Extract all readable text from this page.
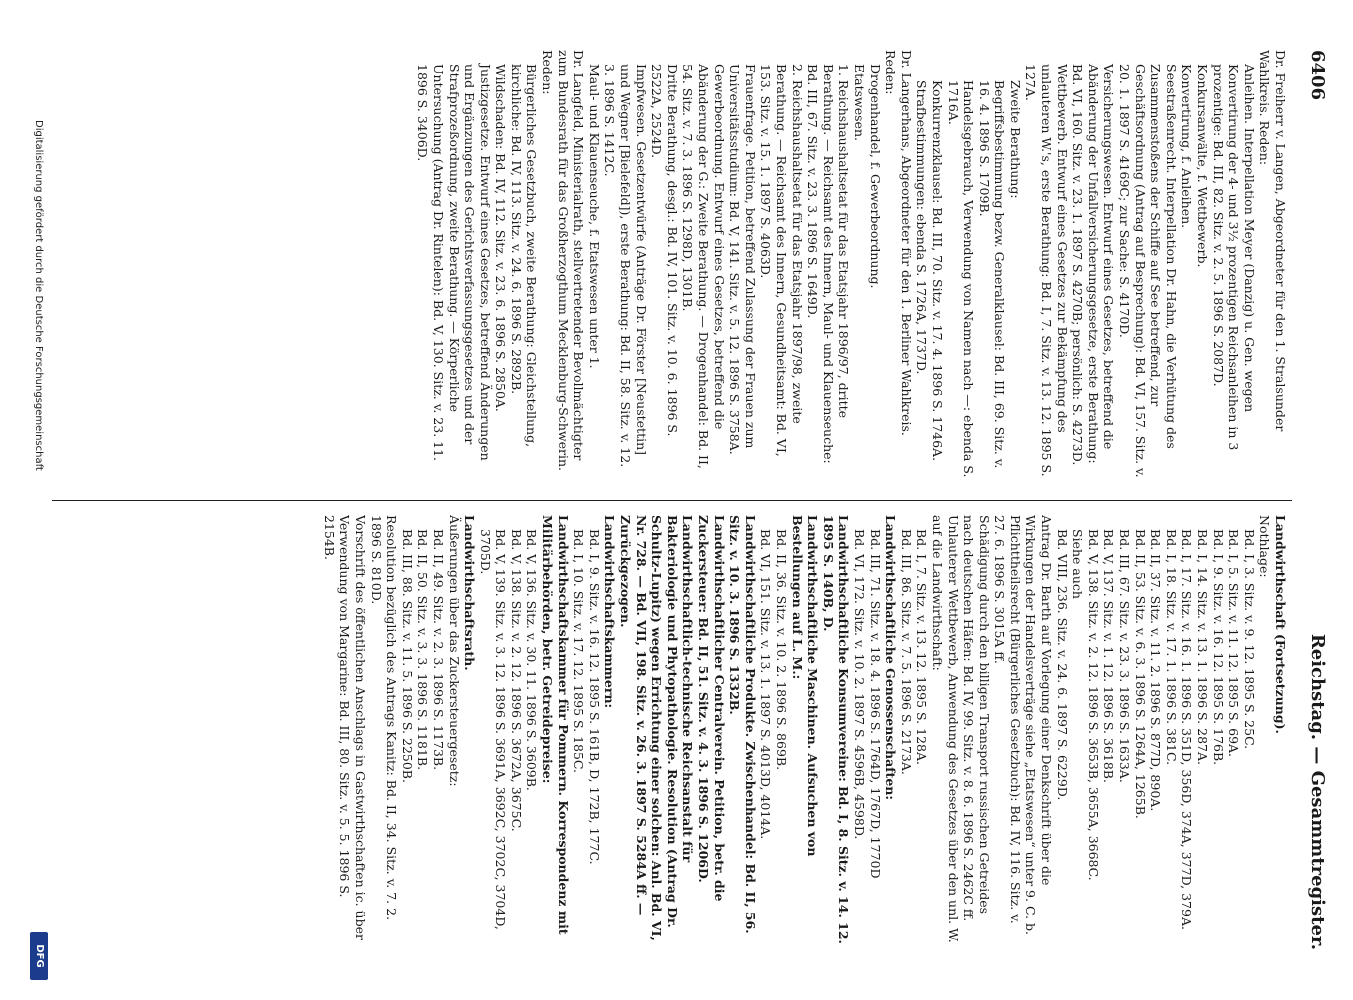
6406
Reichstag. — Gesammtregister.

Dr. Freiherr v. Langen, Abgeordneter für den 1. Stralsunder Wahlkreis. Reden:

Anleihen. Interpellation Meyer (Danzig) u. Gen. wegen Konvertirung der 4- und 3½ prozentigen Reichsanleihen in 3 prozentige: Bd. III, 82. Sitz. v. 2. 5. 1896 S. 2087D.

Konkursanwälte, f. Wettbewerb.

Konvertirung, f. Anleihen.

Seestraßenrecht. Interpellation Dr. Hahn, die Verhütung des Zusammenstoßens der Schiffe auf See betreffend, zur Geschäftsordnung (Antrag auf Besprechung): Bd. VI, 157. Sitz. v. 20. 1. 1897 S. 4169C; zur Sache: S. 4170D.

Versicherungswesen. Entwurf eines Gesetzes, betreffend die Abänderung der Unfallversicherungsgesetze, erste Berathung: Bd. VI, 160. Sitz. v. 23. 1. 1897 S. 4270B; persönlich: S. 4273D.

Wettbewerb. Entwurf eines Gesetzes zur Bekämpfung des unlauteren W.'s, erste Berathung: Bd. I, 7. Sitz. v. 13. 12. 1895 S. 127A.

Zweite Berathung:

Begriffsbestimmung bezw. Generalklausel: Bd. III, 69. Sitz. v. 16. 4. 1896 S. 1709B.

Handelsgebrauch, Verwendung von Namen nach —: ebenda S. 1716A.

Konkurrenzklausel: Bd. III, 70. Sitz. v. 17. 4. 1896 S. 1746A.

Strafbestimmungen: ebenda S. 1726A, 1737D.

Dr. Langerhans, Abgeordneter für den 1. Berliner Wahlkreis. Reden:

Drogenhandel, f. Gewerbeordnung.

Etatswesen.

1. Reichshaushaltsetat für das Etatsjahr 1896/97, dritte Berathung. — Reichsamt des Innern, Maul- und Klauenseuche: Bd. III, 67. Sitz. v. 23. 3. 1896 S. 1649D.

2. Reichshaushaltsetat für das Etatsjahr 1897/98, zweite Berathung. — Reichsamt des Innern, Gesundheitsamt: Bd. VI, 153. Sitz. v. 15. 1. 1897 S. 4063D.

Frauenfrage. Petition, betreffend Zulassung der Frauen zum Universitätsstudium: Bd. V, 141. Sitz. v. 5. 12. 1896 S. 3758A.

Gewerbeordnung. Entwurf eines Gesetzes, betreffend die Abänderung der G.: Zweite Berathung. — Drogenhandel: Bd. II, 54. Sitz. v. 7. 3. 1896 S. 1298D, 1301B.

Dritte Berathung, desgl.: Bd. IV, 101. Sitz. v. 10. 6. 1896 S. 2522A, 2524D.

Impfwesen. Gesetzentwürfe (Anträge Dr. Förster [Neustettin] und Wegner [Bielefeld]), erste Berathung: Bd. II, 58. Sitz. v. 12. 3. 1896 S. 1412C.

Maul- und Klauenseuche, f. Etatswesen unter 1.

Dr. Langfeld, Ministerialrath, stellvertretender Bevollmächtigter zum Bundesrath für das Großherzogthum Mecklenburg-Schwerin. Reden:

Bürgerliches Gesetzbuch, zweite Berathung: Gleichstellung, kirchliche: Bd. IV, 113. Sitz. v. 24. 6. 1896 S. 2892B.

Wildschaden: Bd. IV, 112. Sitz. v. 23. 6. 1896 S. 2850A.

Justizgesetze. Entwurf eines Gesetzes, betreffend Änderungen und Ergänzungen des Gerichtsverfassungsgesetzes und der Strafprozeßordnung, zweite Berathung. — Körperliche Untersuchung (Antrag Dr. Rintelen): Bd. V, 130. Sitz. v. 23. 11. 1896 S. 3406D.

Landwirthschaft (Fortsetzung).

Nothlage:

Bd. I, 3. Sitz. v. 9. 12. 1895 S. 25C.

Bd. I, 5. Sitz. v. 11. 12. 1895 S. 69A.

Bd. I, 9. Sitz. v. 16. 12. 1895 S. 176B.

Bd. I, 14. Sitz. v. 13. 1. 1896 S. 287A.

Bd. I, 17. Sitz. v. 16. 1. 1896 S. 351D, 356D, 374A, 377D, 379A.

Bd. I, 18. Sitz. v. 17. 1. 1896 S. 381C.

Bd. II, 37. Sitz. v. 11. 2. 1896 S. 877D, 890A.

Bd. II, 53. Sitz. v. 6. 3. 1896 S. 1264A, 1265B.

Bd. III, 67. Sitz. v. 23. 3. 1896 S. 1633A.

Bd. V, 137. Sitz. v. 1. 12. 1896 S. 3618B.

Bd. V, 138. Sitz. v. 2. 12. 1896 S. 3653B, 3655A, 3668C.

Siehe auch

Bd. VIII, 236. Sitz. v. 24. 6. 1897 S. 6229D.

Antrag Dr. Barth auf Vorlegung einer Denkschrift über die Wirkungen der Handelsverträge siehe „Etatswesen“ unter 9. C. b.

Pflichttheilsrecht (Bürgerliches Gesetzbuch): Bd. IV, 116. Sitz. v. 27. 6. 1896 S. 3015A ff.

Schädigung durch den billigen Transport russischen Getreides nach deutschen Häfen: Bd. IV, 99. Sitz. v. 8. 6. 1896 S. 2462C ff.

Unlauterer Wettbewerb, Anwendung des Gesetzes über den unl. W. auf die Landwirthschaft:

Bd. I, 7. Sitz. v. 13. 12. 1895 S. 128A.

Bd. III, 86. Sitz. v. 7. 5. 1896 S. 2173A.

Landwirthschaftliche Genossenschaften:

Bd. III, 71. Sitz. v. 18. 4. 1896 S. 1764D, 1767D, 1770D

Bd. VI, 172. Sitz. v. 10. 2. 1897 S. 4596B, 4598D.

Landwirthschaftliche Konsumvereine: Bd. I, 8. Sitz. v. 14. 12. 1895 S. 140B, D.

Landwirthschaftliche Maschinen. Aufsuchen von Bestellungen auf L. M.:

Bd. II, 36. Sitz. v. 10. 2. 1896 S. 869B.

Bd. VI, 151. Sitz. v. 13. 1. 1897 S. 4013D, 4014A.

Landwirthschaftliche Produkte. Zwischenhandel: Bd. II, 56. Sitz. v. 10. 3. 1896 S. 1332B.

Landwirthschaftlicher Centralverein. Petition, betr. die Zuckersteuer: Bd. II, 51. Sitz. v. 4. 3. 1896 S. 1206D.

Landwirthschaftlich-technische Reichsanstalt für Bakteriologie und Phytopathologie. Resolution (Antrag Dr. Schultz-Lupitz) wegen Errichtung einer solchen: Anl. Bd. VI, Nr. 728. — Bd. VII, 198. Sitz. v. 26. 3. 1897 S. 5284A ff. — Zurückgezogen.

Landwirthschaftskammern:

Bd. I, 9. Sitz. v. 16. 12. 1895 S. 161B, D, 172B, 177C.

Bd. I, 10. Sitz. v. 17. 12. 1895 S. 185C.

Landwirthschaftskammer für Pommern. Korrespondenz mit Militärbehörden, betr. Getreidepreise:

Bd. V, 136. Sitz. v. 30. 11. 1896 S. 3609B.

Bd. V, 138. Sitz. v. 2. 12. 1896 S. 3672A, 3675C.

Bd. V, 139. Sitz. v. 3. 12. 1896 S. 3691A, 3692C, 3702C, 3704D, 3705D.

Landwirthschaftsrath.

Äußerungen über das Zuckersteuergesetz:

Bd. II, 49. Sitz. v. 2. 3. 1896 S. 1173B.

Bd. II, 50. Sitz. v. 3. 3. 1896 S. 1181B.

Bd. III, 88. Sitz. v. 11. 5. 1896 S. 2250B.

Resolution bezüglich des Antrags Kanitz: Bd. II, 34. Sitz. v. 7. 2. 1896 S. 810D.

Vorschrift des öffentlichen Anschlags in Gastwirthschaften ic. über Verwendung von Margarine: Bd. III, 80. Sitz. v. 5. 5. 1896 S. 2154B.

Digitalisierung gefördert durch die Deutsche Forschungsgemeinschaft
DFG
